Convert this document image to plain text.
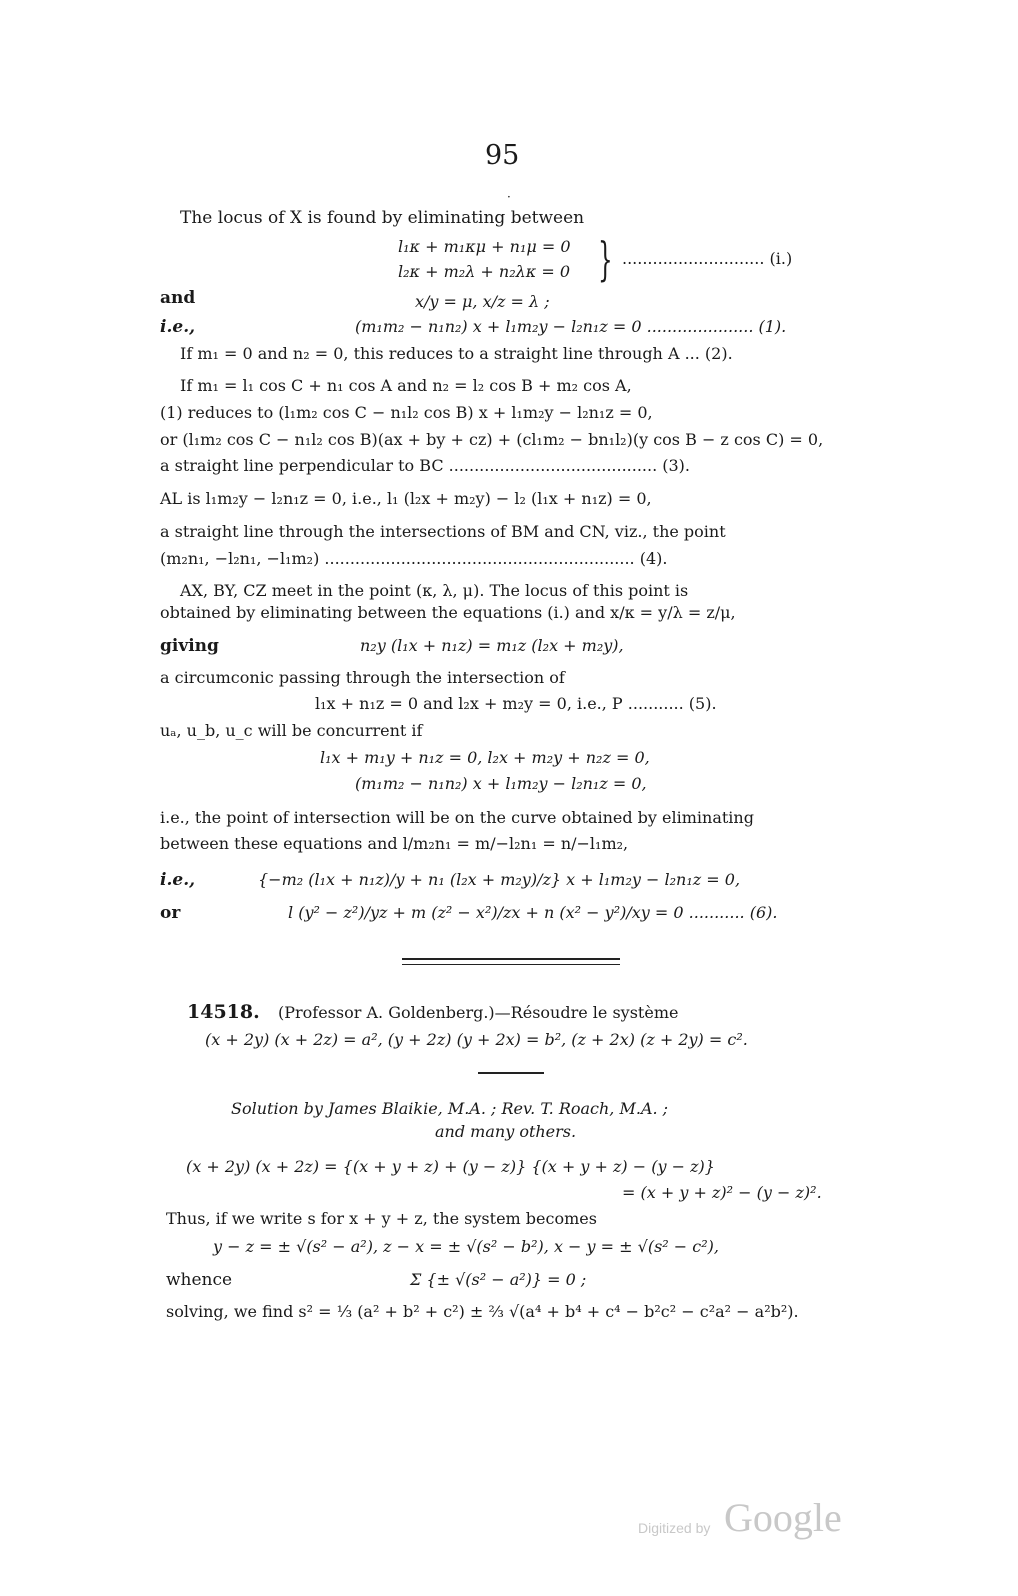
95
·
The locus of X is found by eliminating between
l₁κ + m₁κμ + n₁μ = 0
l₂κ + m₂λ + n₂λκ = 0 } ............................ (i.)
and	x/y = μ, x/z = λ ;
i.e.,	(m₁m₂ − n₁n₂) x + l₁m₂y − l₂n₁z = 0 ..................... (1).
If m₁ = 0 and n₂ = 0, this reduces to a straight line through A ... (2).
If m₁ = l₁ cos C + n₁ cos A and n₂ = l₂ cos B + m₂ cos A,
(1) reduces to (l₁m₂ cos C − n₁l₂ cos B) x + l₁m₂y − l₂n₁z = 0,
or (l₁m₂ cos C − n₁l₂ cos B)(ax + by + cz) + (cl₁m₂ − bn₁l₂)(y cos B − z cos C) = 0,
a straight line perpendicular to BC ......................................... (3).
AL is l₁m₂y − l₂n₁z = 0, i.e., l₁ (l₂x + m₂y) − l₂ (l₁x + n₁z) = 0,
a straight line through the intersections of BM and CN, viz., the point
(m₂n₁, −l₂n₁, −l₁m₂) ............................................................. (4).
AX, BY, CZ meet in the point (κ, λ, μ). The locus of this point is
obtained by eliminating between the equations (i.) and x/κ = y/λ = z/μ,
giving	n₂y (l₁x + n₁z) = m₁z (l₂x + m₂y),
a circumconic passing through the intersection of
l₁x + n₁z = 0 and l₂x + m₂y = 0, i.e., P ........... (5).
uₐ, u_b, u_c will be concurrent if
l₁x + m₁y + n₁z = 0, l₂x + m₂y + n₂z = 0,
(m₁m₂ − n₁n₂) x + l₁m₂y − l₂n₁z = 0,
i.e., the point of intersection will be on the curve obtained by eliminating
between these equations and l/m₂n₁ = m/−l₂n₁ = n/−l₁m₂,
i.e.,	{−m₂ (l₁x + n₁z)/y + n₁ (l₂x + m₂y)/z} x + l₁m₂y − l₂n₁z = 0,
or	l (y² − z²)/yz + m (z² − x²)/zx + n (x² − y²)/xy = 0 ........... (6).
14518. (Professor A. Goldenberg.)—Résoudre le système
(x + 2y) (x + 2z) = a², (y + 2z) (y + 2x) = b², (z + 2x) (z + 2y) = c².
Solution by James Blaikie, M.A. ; Rev. T. Roach, M.A. ;
and many others.
(x + 2y) (x + 2z) = {(x + y + z) + (y − z)} {(x + y + z) − (y − z)}
= (x + y + z)² − (y − z)².
Thus, if we write s for x + y + z, the system becomes
y − z = ± √(s² − a²), z − x = ± √(s² − b²), x − y = ± √(s² − c²),
whence	Σ {± √(s² − a²)} = 0 ;
solving, we find s² = ⅓ (a² + b² + c²) ± ⅔ √(a⁴ + b⁴ + c⁴ − b²c² − c²a² − a²b²).
Digitized by Google
